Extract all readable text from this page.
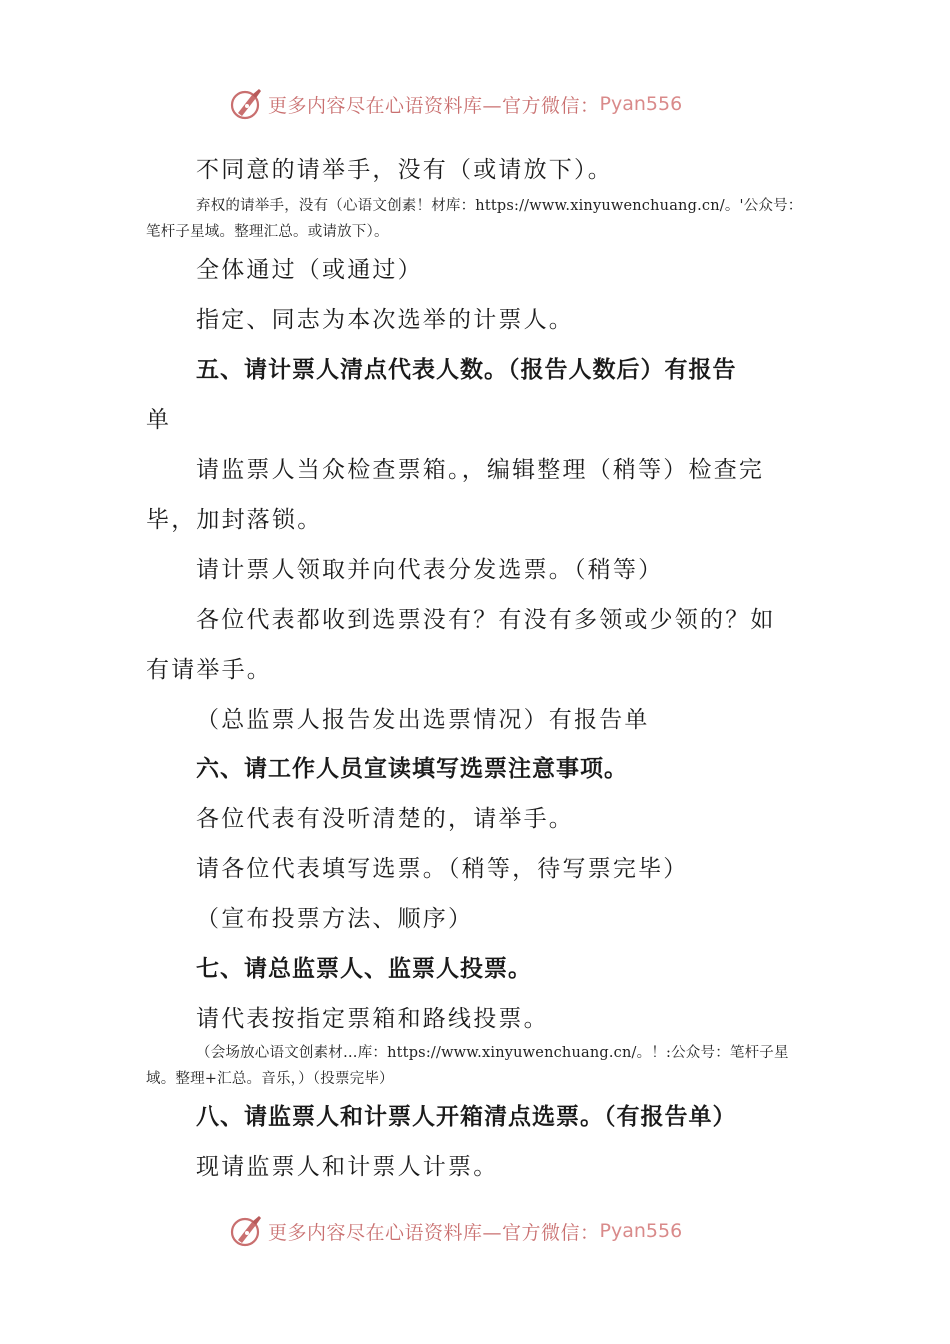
更多内容尽在心语资料库—官方微信： Pyan556
不同意的请举手，没有（或请放下）。
弃权的请举手，没有（心语文创素！材库：https://www.xinyuwenchuang.cn/。'公众号：笔杆子星域。整理汇总。或请放下）。
全体通过（或通过）
指定、同志为本次选举的计票人。
五、请计票人清点代表人数。（报告人数后）有报告
单
请监票人当众检查票箱。，编辑整理（稍等）检查完
毕，加封落锁。
请计票人领取并向代表分发选票。（稍等）
各位代表都收到选票没有？有没有多领或少领的？如
有请举手。
（总监票人报告发出选票情况）有报告单
六、请工作人员宣读填写选票注意事项。
各位代表有没听清楚的，请举手。
请各位代表填写选票。（稍等，待写票完毕）
（宣布投票方法、顺序）
七、请总监票人、监票人投票。
请代表按指定票箱和路线投票。
（会场放心语文创素材…库：https://www.xinyuwenchuang.cn/。！:公众号：笔杆子星域。整理+汇总。音乐，）（投票完毕）
八、请监票人和计票人开箱清点选票。（有报告单）
现请监票人和计票人计票。
更多内容尽在心语资料库—官方微信： Pyan556
